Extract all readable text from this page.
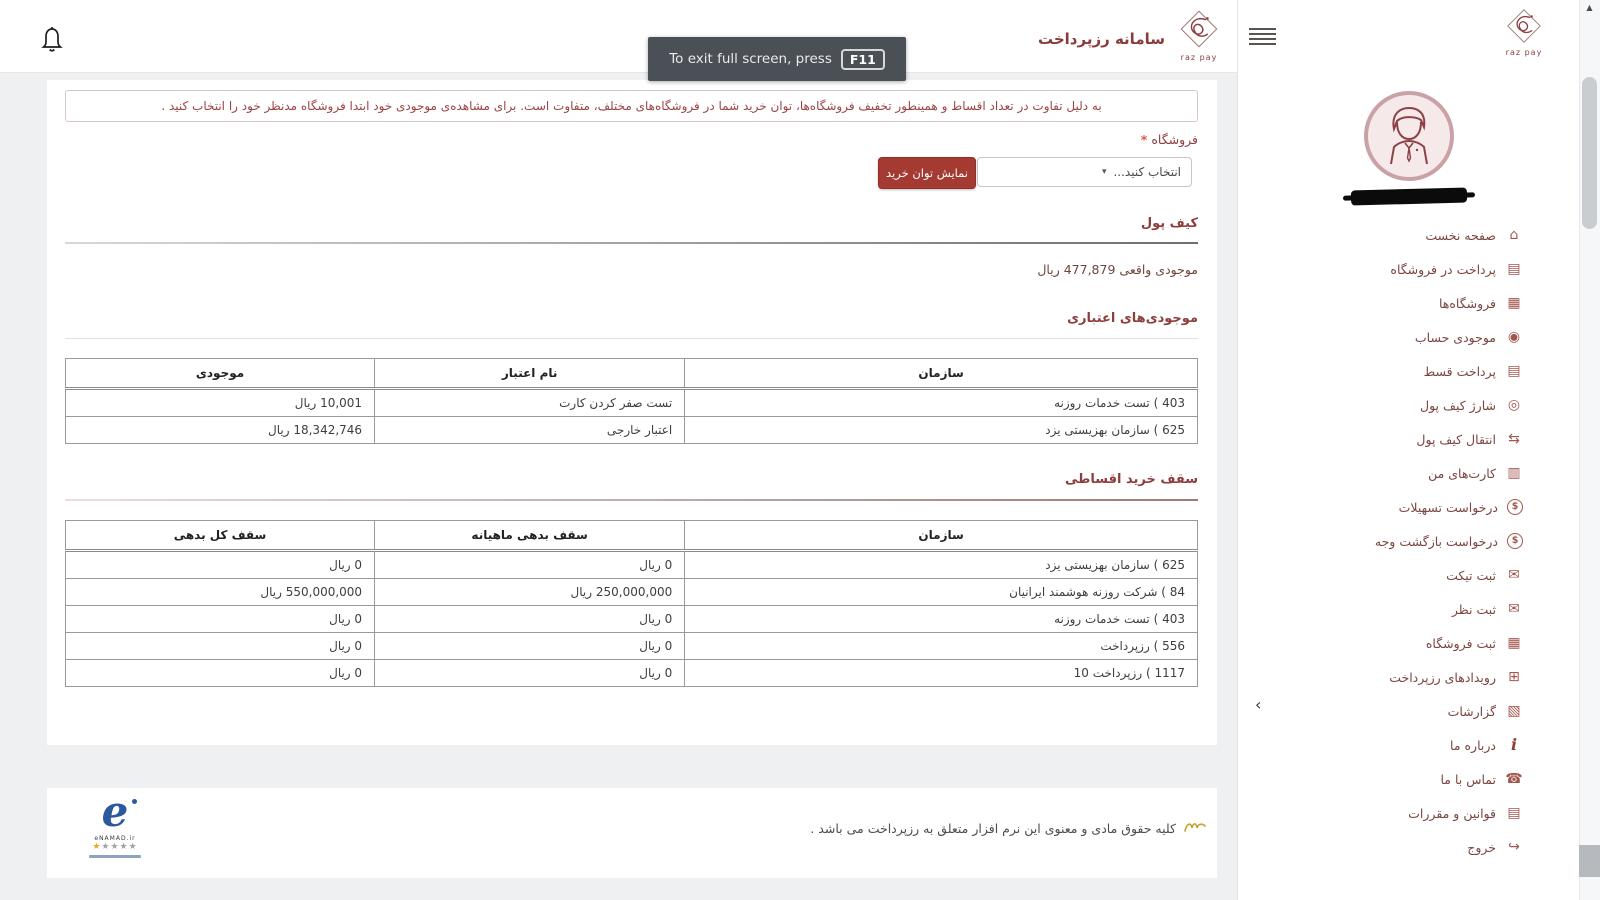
سامانه رزپرداخت
raz pay
To exit full screen, press	F11
به دلیل تفاوت در تعداد اقساط و همینطور تخفیف فروشگاه‌ها، توان خرید شما در فروشگاه‌های مختلف، متفاوت است. برای مشاهده‌ی موجودی خود ابتدا فروشگاه مدنظر خود را انتخاب کنید .
فروشگاه
*
انتخاب کنید...
▾
نمایش توان خرید
کیف پول
موجودی واقعی 477,879 ریال
موجودی‌های اعتباری
سازمان	نام اعتبار	موجودی
403 ) تست خدمات روزنه	تست صفر کردن کارت	10,001 ریال
625 ) سازمان بهزیستی یزد	اعتبار خارجی	18,342,746 ریال
سقف خرید اقساطی
سازمان	سقف بدهی ماهیانه	سقف کل بدهی
625 ) سازمان بهزیستی یزد	0 ریال	0 ریال
84 ) شرکت روزنه هوشمند ایرانیان	250,000,000 ریال	550,000,000 ریال
403 ) تست خدمات روزنه	0 ریال	0 ریال
556 ) رزپرداخت	0 ریال	0 ریال
1117 ) رزپرداخت 10	0 ریال	0 ریال
e
eNAMAD.ir
★★★★★
کلیه حقوق مادی و معنوی این نرم افزار متعلق به رزپرداخت می باشد .
raz pay
⌂
صفحه نخست
▤
پرداخت در فروشگاه
▦
فروشگاه‌ها
◉
موجودی حساب
▤
پرداخت قسط
◎
شارژ کیف پول
⇆
انتقال کیف پول
▥
کارت‌های من
$
درخواست تسهیلات
$
درخواست بازگشت وجه
✉
ثبت تیکت
✉
ثبت نظر
▦
ثبت فروشگاه
⊞
رویدادهای رزپرداخت
▧
گزارشات
i
درباره ما
☎
تماس با ما
▤
قوانین و مقررات
↪
خروج
‹
▲
